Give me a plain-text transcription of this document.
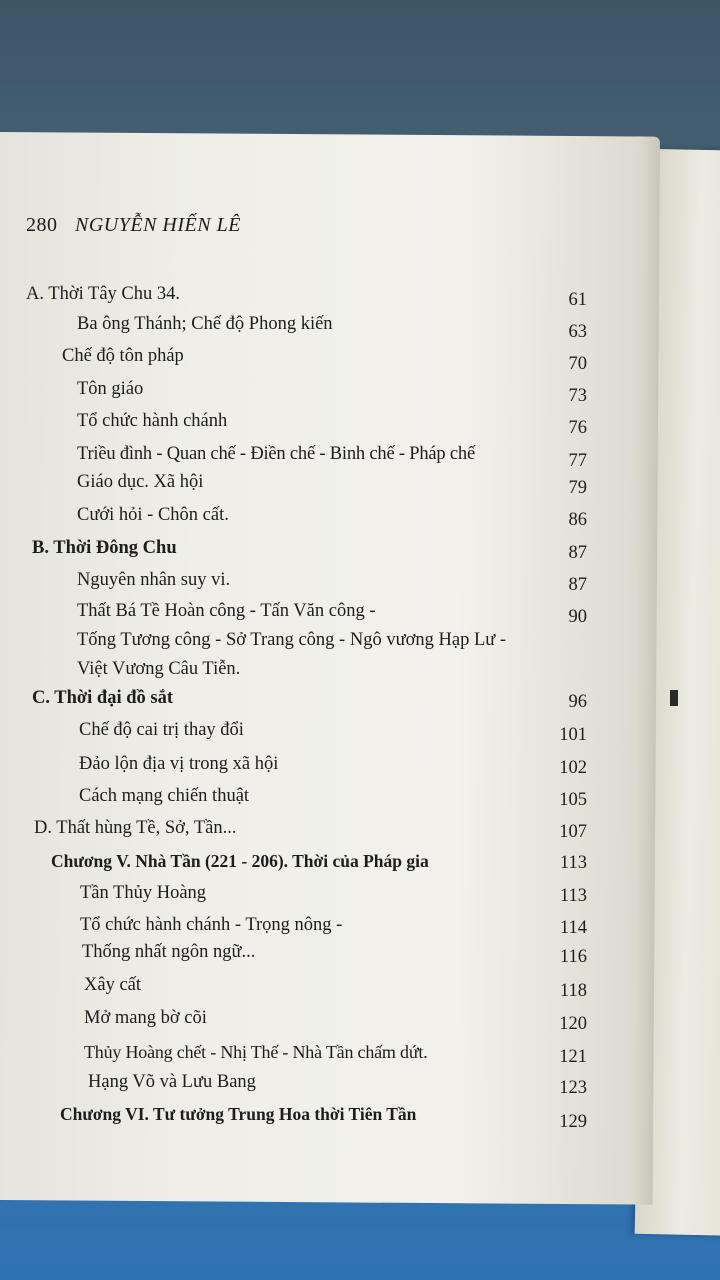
280 NGUYỄN HIẾN LÊ
A. Thời Tây Chu 34.	61
Ba ông Thánh; Chế độ Phong kiến	63
Chế độ tôn pháp	70
Tôn giáo	73
Tổ chức hành chánh	76
Triều đình - Quan chế - Điền chế - Binh chế - Pháp chế	77
Giáo dục. Xã hội	79
Cưới hỏi - Chôn cất.	86
B. Thời Đông Chu	87
Nguyên nhân suy vi.	87
Thất Bá Tề Hoàn công - Tấn Văn công -	90
Tống Tương công - Sở Trang công - Ngô vương Hạp Lư -
Việt Vương Câu Tiễn.
C. Thời đại đồ sắt	96
Chế độ cai trị thay đổi	101
Đảo lộn địa vị trong xã hội	102
Cách mạng chiến thuật	105
D. Thất hùng Tề, Sở, Tần...	107
Chương V. Nhà Tần (221 - 206). Thời của Pháp gia	113
Tần Thủy Hoàng	113
Tổ chức hành chánh - Trọng nông -	114
Thống nhất ngôn ngữ...	116
Xây cất	118
Mở mang bờ cõi	120
Thủy Hoàng chết - Nhị Thế - Nhà Tần chấm dứt.	121
Hạng Võ và Lưu Bang	123
Chương VI. Tư tưởng Trung Hoa thời Tiên Tần	129
